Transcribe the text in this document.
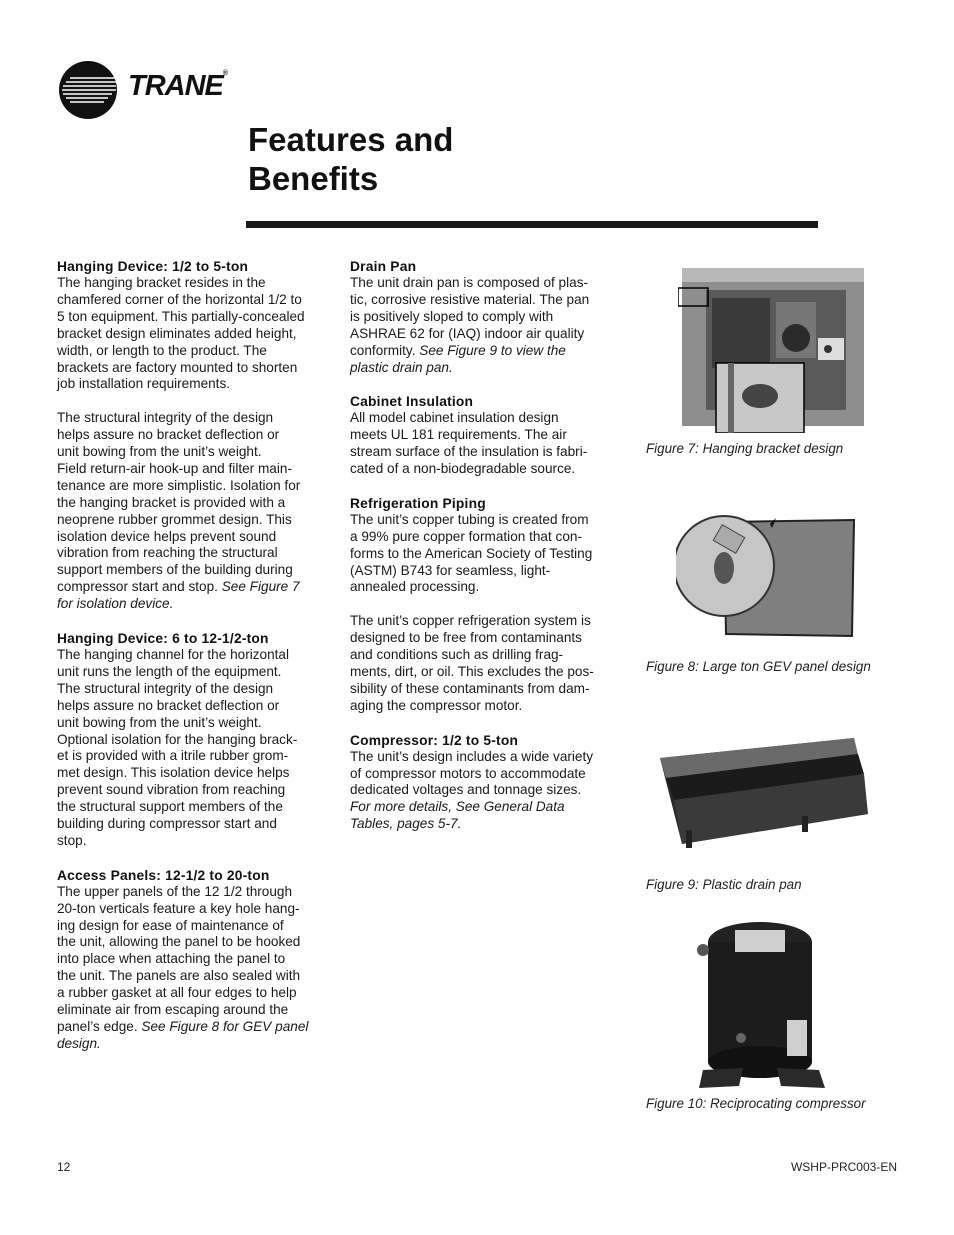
TRANE®
Features and
Benefits
Hanging Device: 1/2 to 5-ton

The hanging bracket resides in the
chamfered corner of the horizontal 1/2 to
5 ton equipment. This partially-concealed
bracket design eliminates added height,
width, or length to the product. The
brackets are factory mounted to shorten
job installation requirements.

The structural integrity of the design
helps assure no bracket deflection or
unit bowing from the unit’s weight.
Field return-air hook-up and filter main-
tenance are more simplistic. Isolation for
the hanging bracket is provided with a
neoprene rubber grommet design. This
isolation device helps prevent sound
vibration from reaching the structural
support members of the building during
compressor start and stop. See Figure 7
for isolation device.

Hanging Device: 6 to 12-1/2-ton

The hanging channel for the horizontal
unit runs the length of the equipment.
The structural integrity of the design
helps assure no bracket deflection or
unit bowing from the unit’s weight.
Optional isolation for the hanging brack-
et is provided with a itrile rubber grom-
met design. This isolation device helps
prevent sound vibration from reaching
the structural support members of the
building during compressor start and
stop.

Access Panels: 12-1/2 to 20-ton

The upper panels of the 12 1/2 through
20-ton verticals feature a key hole hang-
ing design for ease of maintenance of
the unit, allowing the panel to be hooked
into place when attaching the panel to
the unit. The panels are also sealed with
a rubber gasket at all four edges to help
eliminate air from escaping around the
panel’s edge. See Figure 8 for GEV panel
design.

Drain Pan

The unit drain pan is composed of plas-
tic, corrosive resistive material. The pan
is positively sloped to comply with
ASHRAE 62 for (IAQ) indoor air quality
conformity. See Figure 9 to view the
plastic drain pan.

Cabinet Insulation

All model cabinet insulation design
meets UL 181 requirements. The air
stream surface of the insulation is fabri-
cated of a non-biodegradable source.

Refrigeration Piping

The unit’s copper tubing is created from
a 99% pure copper formation that con-
forms to the American Society of Testing
(ASTM) B743 for seamless, light-
annealed processing.

The unit’s copper refrigeration system is
designed to be free from contaminants
and conditions such as drilling frag-
ments, dirt, or oil. This excludes the pos-
sibility of these contaminants from dam-
aging the compressor motor.

Compressor: 1/2 to 5-ton

The unit’s design includes a wide variety
of compressor motors to accommodate
dedicated voltages and tonnage sizes.
For more details, See General Data
Tables, pages 5-7.

Figure 7: Hanging bracket design
Figure 8: Large ton GEV panel design
Figure 9: Plastic drain pan
Figure 10: Reciprocating compressor
12	WSHP-PRC003-EN
